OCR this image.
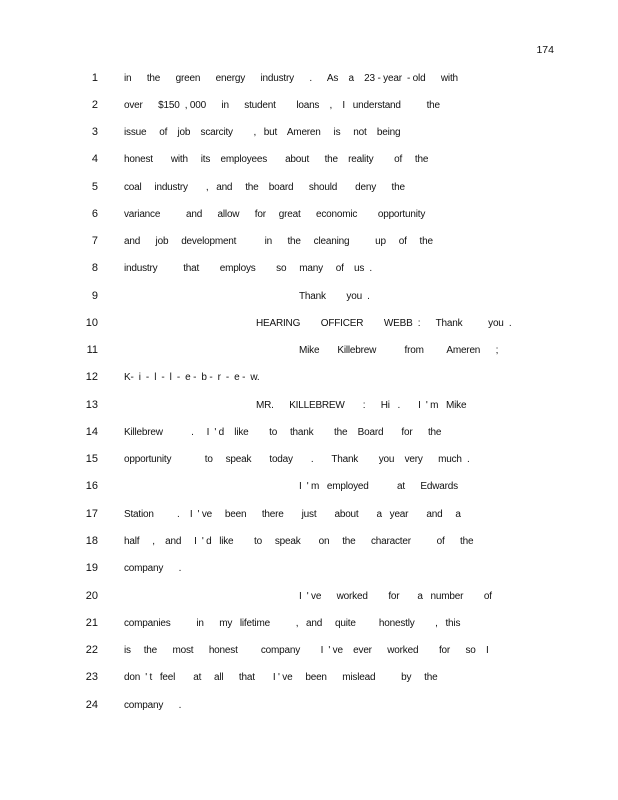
174
1	in      the      green      energy      industry      .      As    a    23 - year  - old      with
2	over      $150  , 000      in      student        loans    ,    I   understand          the
3	issue     of    job    scarcity        ,   but    Ameren     is     not    being
4	honest       with     its    employees       about      the    reality        of     the
5	coal     industry       ,   and     the    board      should       deny      the
6	variance          and      allow      for     great      economic        opportunity
7	and      job     development           in      the     cleaning          up     of     the
8	industry          that        employs        so     many     of    us  .
9	Thank        you  .
10	HEARING        OFFICER        WEBB  :      Thank          you  .
11	Mike       Killebrew           from         Ameren      ;
12	K-  i  -  l  -  l  -  e -  b -  r  -  e -  w.
13	MR.      KILLEBREW       :      Hi   .       I  ' m   Mike
14	Killebrew           .     I  ' d    like        to     thank        the    Board       for      the
15	opportunity             to     speak       today       .       Thank        you    very      much  .
16	I  ' m   employed           at      Edwards
17	Station         .    I  ' ve     been      there       just       about       a   year       and     a
18	half     ,    and     I  ' d   like        to     speak       on     the      character          of      the
19	company      .
20	I  ' ve      worked        for       a   number        of
21	companies          in      my   lifetime          ,   and     quite         honestly        ,   this
22	is     the      most      honest         company        I  ' ve    ever      worked        for      so    I
23	don  ' t   feel       at     all      that       I ' ve     been      mislead          by     the
24	company      .
